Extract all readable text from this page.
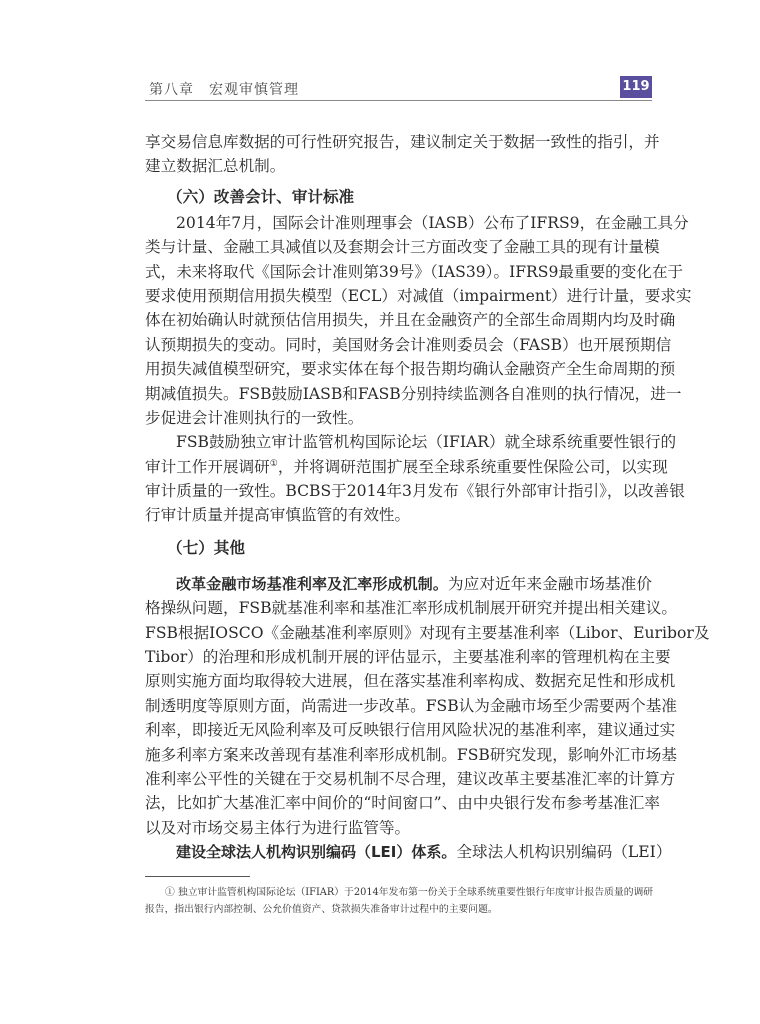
第八章　宏观审慎管理	119
享交易信息库数据的可行性研究报告，建议制定关于数据一致性的指引，并
建立数据汇总机制。
（六）改善会计、审计标准
2014年7月，国际会计准则理事会（IASB）公布了IFRS9，在金融工具分
类与计量、金融工具减值以及套期会计三方面改变了金融工具的现有计量模
式，未来将取代《国际会计准则第39号》（IAS39）。IFRS9最重要的变化在于
要求使用预期信用损失模型（ECL）对减值（impairment）进行计量，要求实
体在初始确认时就预估信用损失，并且在金融资产的全部生命周期内均及时确
认预期损失的变动。同时，美国财务会计准则委员会（FASB）也开展预期信
用损失减值模型研究，要求实体在每个报告期均确认金融资产全生命周期的预
期减值损失。FSB鼓励IASB和FASB分别持续监测各自准则的执行情况，进一
步促进会计准则执行的一致性。
FSB鼓励独立审计监管机构国际论坛（IFIAR）就全球系统重要性银行的
审计工作开展调研①，并将调研范围扩展至全球系统重要性保险公司，以实现
审计质量的一致性。BCBS于2014年3月发布《银行外部审计指引》，以改善银
行审计质量并提高审慎监管的有效性。
（七）其他
改革金融市场基准利率及汇率形成机制。为应对近年来金融市场基准价
格操纵问题，FSB就基准利率和基准汇率形成机制展开研究并提出相关建议。
FSB根据IOSCO《金融基准利率原则》对现有主要基准利率（Libor、Euribor及
Tibor）的治理和形成机制开展的评估显示，主要基准利率的管理机构在主要
原则实施方面均取得较大进展，但在落实基准利率构成、数据充足性和形成机
制透明度等原则方面，尚需进一步改革。FSB认为金融市场至少需要两个基准
利率，即接近无风险利率及可反映银行信用风险状况的基准利率，建议通过实
施多利率方案来改善现有基准利率形成机制。FSB研究发现，影响外汇市场基
准利率公平性的关键在于交易机制不尽合理，建议改革主要基准汇率的计算方
法，比如扩大基准汇率中间价的“时间窗口”、由中央银行发布参考基准汇率
以及对市场交易主体行为进行监管等。
建设全球法人机构识别编码（LEI）体系。全球法人机构识别编码（LEI）
① 独立审计监管机构国际论坛（IFIAR）于2014年发布第一份关于全球系统重要性银行年度审计报告质量的调研
报告，指出银行内部控制、公允价值资产、贷款损失准备审计过程中的主要问题。
